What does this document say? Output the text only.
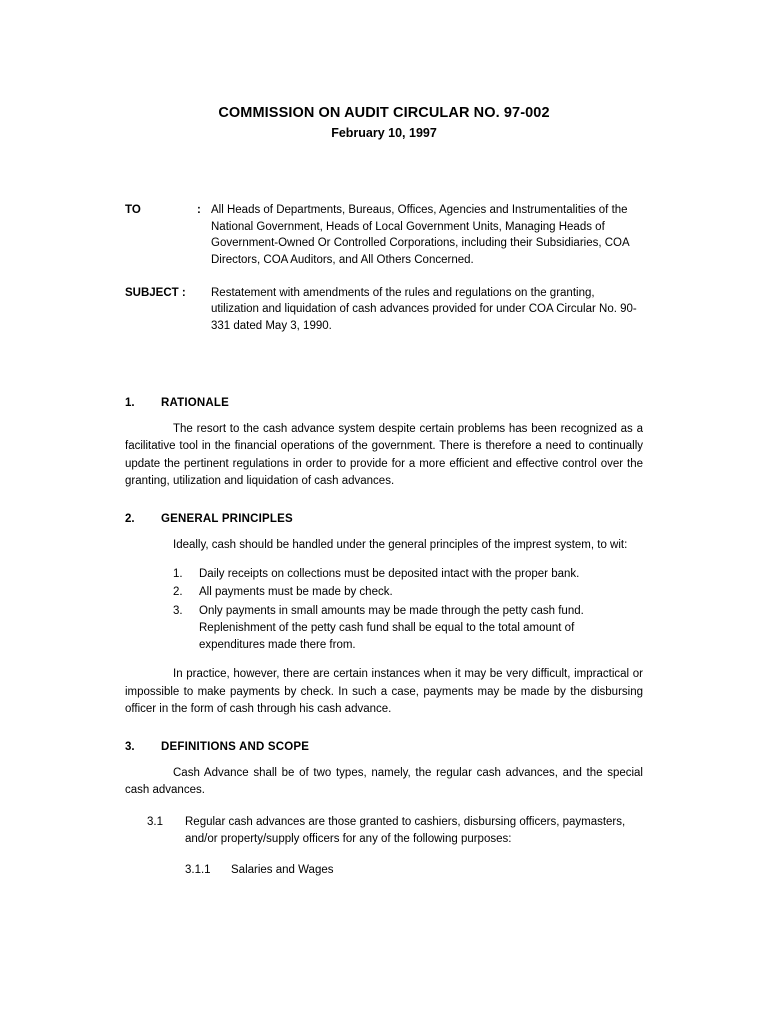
COMMISSION ON AUDIT CIRCULAR NO. 97-002
February 10, 1997
TO	: All Heads of Departments, Bureaus, Offices, Agencies and Instrumentalities of the National Government, Heads of Local Government Units, Managing Heads of Government-Owned Or Controlled Corporations, including their Subsidiaries, COA Directors, COA Auditors, and All Others Concerned.
SUBJECT :	Restatement with amendments of the rules and regulations on the granting, utilization and liquidation of cash advances provided for under COA Circular No. 90-331 dated May 3, 1990.
1.	RATIONALE

The resort to the cash advance system despite certain problems has been recognized as a facilitative tool in the financial operations of the government. There is therefore a need to continually update the pertinent regulations in order to provide for a more efficient and effective control over the granting, utilization and liquidation of cash advances.

2.	GENERAL PRINCIPLES

Ideally, cash should be handled under the general principles of the imprest system, to wit:

1.	Daily receipts on collections must be deposited intact with the proper bank.
2.	All payments must be made by check.
3.	Only payments in small amounts may be made through the petty cash fund. Replenishment of the petty cash fund shall be equal to the total amount of expenditures made there from.

In practice, however, there are certain instances when it may be very difficult, impractical or impossible to make payments by check. In such a case, payments may be made by the disbursing officer in the form of cash through his cash advance.

3.	DEFINITIONS AND SCOPE

Cash Advance shall be of two types, namely, the regular cash advances, and the special cash advances.

3.1	Regular cash advances are those granted to cashiers, disbursing officers, paymasters, and/or property/supply officers for any of the following purposes:
3.1.1	Salaries and Wages
